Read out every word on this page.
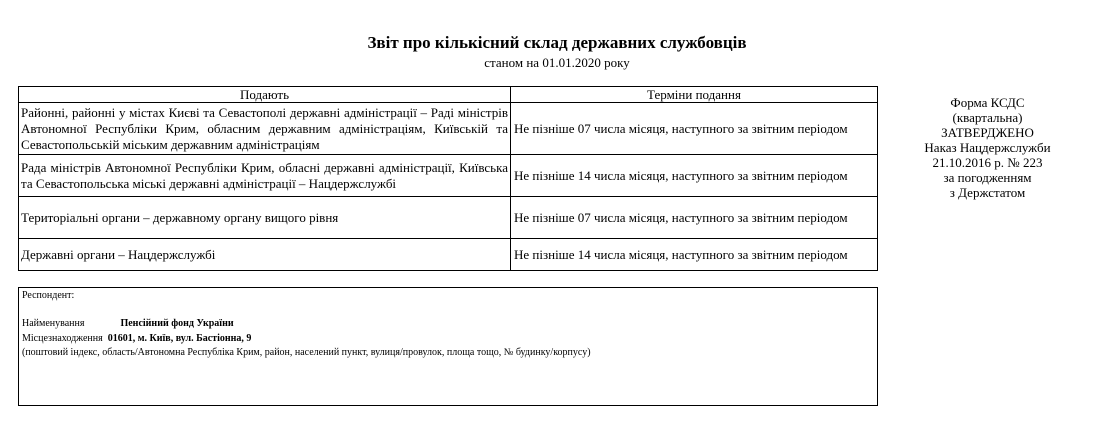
Звіт про кількісний склад державних службовців
станом на 01.01.2020 року
Подають	Терміни подання
Районні, районні у містах Києві та Севастополі державні адміністрації – Раді міністрів Автономної Республіки Крим, обласним державним адміністраціям, Київській та Севастопольській міським державним адміністраціям	Не пізніше 07 числа місяця, наступного за звітним періодом
Рада міністрів Автономної Республіки Крим, обласні державні адміністрації, Київська та Севастопольська міські державні адміністрації – Нацдержслужбі	Не пізніше 14 числа місяця, наступного за звітним періодом
Територіальні органи – державному органу вищого рівня	Не пізніше 07 числа місяця, наступного за звітним періодом
Державні органи – Нацдержслужбі	Не пізніше 14 числа місяця, наступного за звітним періодом
Форма КСДС
(квартальна)
ЗАТВЕРДЖЕНО
Наказ Нацдержслужби
21.10.2016 р. № 223
за погодженням
з Держстатом
Респондент:
Найменування	Пенсійний фонд України
Місцезнаходження 01601, м. Київ, вул. Бастіонна, 9
(поштовий індекс, область/Автономна Республіка Крим, район, населений пункт, вулиця/провулок, площа тощо, № будинку/корпусу)
